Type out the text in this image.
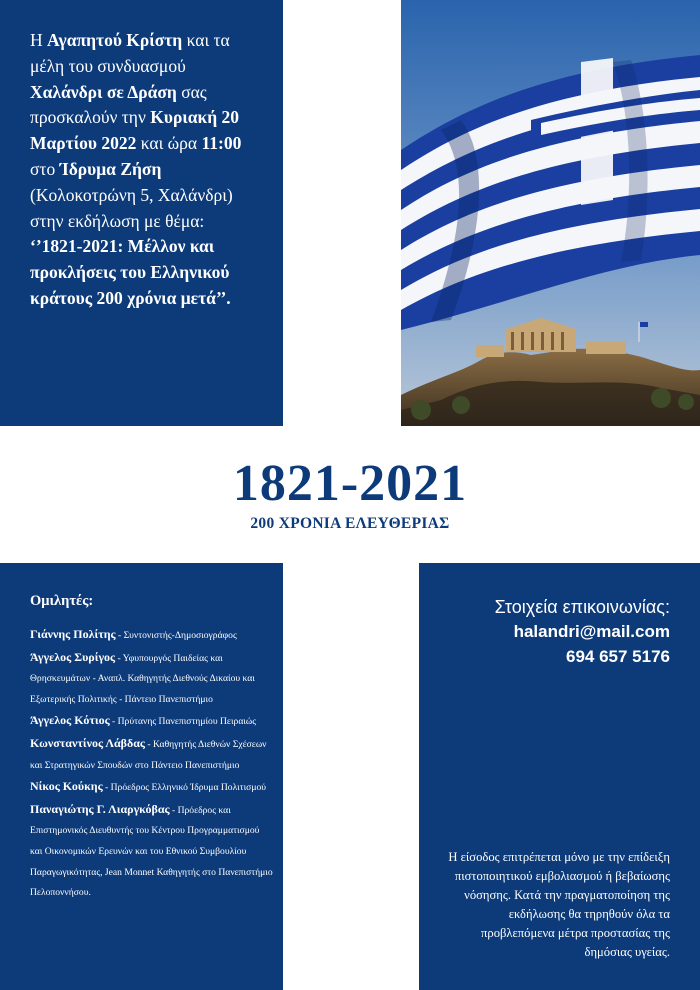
Η Αγαπητού Κρίστη και τα μέλη του συνδυασμού Χαλάνδρι σε Δράση σας προσκαλούν την Κυριακή 20 Μαρτίου 2022 και ώρα 11:00 στο Ίδρυμα Ζήση (Κολοκοτρώνη 5, Χαλάνδρι) στην εκδήλωση με θέμα: ‘’1821-2021: Μέλλον και προκλήσεις του Ελληνικού κράτους 200 χρόνια μετά’’.
1821-2021
200 ΧΡΟΝΙΑ ΕΛΕΥΘΕΡΙΑΣ
Ομιλητές:
Γιάννης Πολίτης - Συντονιστής-Δημοσιογράφος
Άγγελος Συρίγος - Υφυπουργός Παιδείας και Θρησκευμάτων - Αναπλ. Καθηγητής Διεθνούς Δικαίου και Εξωτερικής Πολιτικής - Πάντειο Πανεπιστήμιο
Άγγελος Κότιος - Πρύτανης Πανεπιστημίου Πειραιώς
Κωνσταντίνος Λάβδας - Καθηγητής Διεθνών Σχέσεων και Στρατηγικών Σπουδών στο Πάντειο Πανεπιστήμιο
Νίκος Κούκης - Πρόεδρος Ελληνικό Ίδρυμα Πολιτισμού
Παναγιώτης Γ. Λιαργκόβας - Πρόεδρος και Επιστημονικός Διευθυντής του Κέντρου Προγραμματισμού και Οικονομικών Ερευνών και του Εθνικού Συμβουλίου Παραγωγικότητας, Jean Monnet Καθηγητής στο Πανεπιστήμιο Πελοποννήσου.
Στοιχεία επικοινωνίας:
halandri@mail.com
694 657 5176
Η είσοδος επιτρέπεται μόνο με την επίδειξη πιστοποιητικού εμβολιασμού ή βεβαίωσης νόσησης. Κατά την πραγματοποίηση της εκδήλωσης θα τηρηθούν όλα τα προβλεπόμενα μέτρα προστασίας της δημόσιας υγείας.
